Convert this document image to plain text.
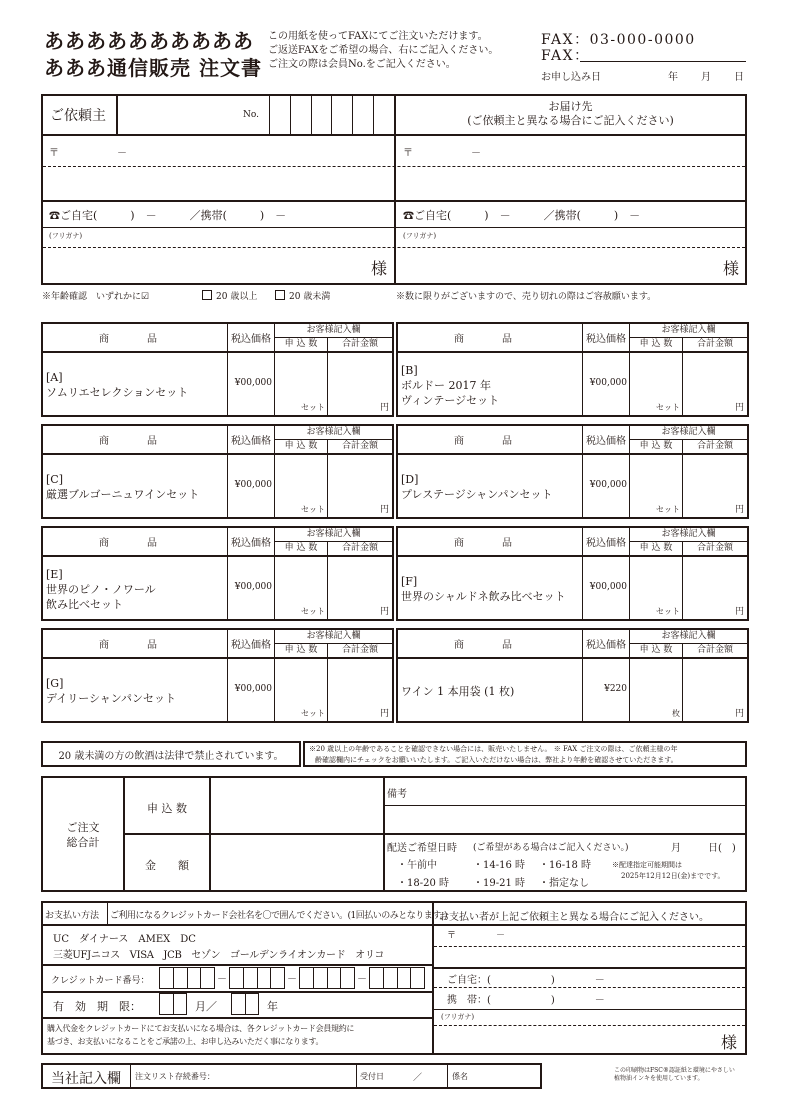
ああああああああああ
あああ通信販売 注文書
この用紙を使ってFAXにてご注文いただけます。
ご返送FAXをご希望の場合、右にご記入ください。
ご注文の際は会員No.をご記入ください。
FAX：03-000-0000
FAX：
お申し込み日	年 月 日
ご依頼主	No.
お届け先
(ご依頼主と異なる場合にご記入ください)
〒	－	〒	－
☎ご自宅(　　　)　－　　　／携帯(　　　)　－	☎ご自宅(　　　)　－　　　／携帯(　　　)　－
(フリガナ)	(フリガナ)
様	様
※年齢確認　いずれかに☑	20 歳以上	20 歳未満	※数に限りがございますので、売り切れの際はご容赦願います。
商　品	税込価格
お客様記入欄
申 込 数	合計金額
[A]
ソムリエセレクションセット
¥00,000
セット	円
商　品	税込価格
お客様記入欄
申 込 数	合計金額
[B]
ボルドー 2017 年
ヴィンテージセット
¥00,000
セット	円
商　品	税込価格
お客様記入欄
申 込 数	合計金額
[C]
厳選ブルゴーニュワインセット
¥00,000
セット	円
商　品	税込価格
お客様記入欄
申 込 数	合計金額
[D]
プレステージシャンパンセット
¥00,000
セット	円
商　品	税込価格
お客様記入欄
申 込 数	合計金額
[E]
世界のピノ・ノワール
飲み比べセット
¥00,000
セット	円
商　品	税込価格
お客様記入欄
申 込 数	合計金額
[F]
世界のシャルドネ飲み比べセット
¥00,000
セット	円
商　品	税込価格
お客様記入欄
申 込 数	合計金額
[G]
デイリーシャンパンセット
¥00,000
セット	円
商　品	税込価格
お客様記入欄
申 込 数	合計金額
ワイン 1 本用袋 (1 枚)	¥220
枚	円
20 歳未満の方の飲酒は法律で禁止されています。
※20 歳以上の年齢であることを確認できない場合には、販売いたしません。 ※ FAX ご注文の際は、ご依頼主様の年
齢確認欄内にチェックをお願いいたします。ご記入いただけない場合は、弊社より年齢を確認させていただきます。
ご注文
総合計
申 込 数
金　　額
備考
配送ご希望日時 (ご希望がある場合はご記入ください。)	月	日(　)
・午前中	・14-16 時 ・16-18 時
・18-20 時 ・19-21 時 ・指定なし
※配達指定可能期間は
2025年12月12日(金)までです。
お支払い方法 ご利用になるクレジットカード会社名を〇で囲んでください。(1回払いのみとなります。)
UC　ダイナース　AMEX　DC
三菱UFJニコス　VISA　JCB　セゾン　ゴールデンライオンカード　オリコ
クレジットカード番号：	－	－	－
有　効　期　限：	月／	年
購入代金をクレジットカードにてお支払いになる場合は、各クレジットカード会員規約に
基づき、お支払いになることをご承諾の上、お申し込みいただく事になります。
お支払い者が上記ご依頼主と異なる場合にご記入ください。
〒	－
ご自宅：(　　　　　　)　　　　－
携　帯：(　　　　　　)　　　　－
(フリガナ)
様
当社記入欄 注文リスト存続番号：	受付日	／	係名
この印刷物はFSC®認証紙と環境にやさしい
植物油インキを使用しています。
